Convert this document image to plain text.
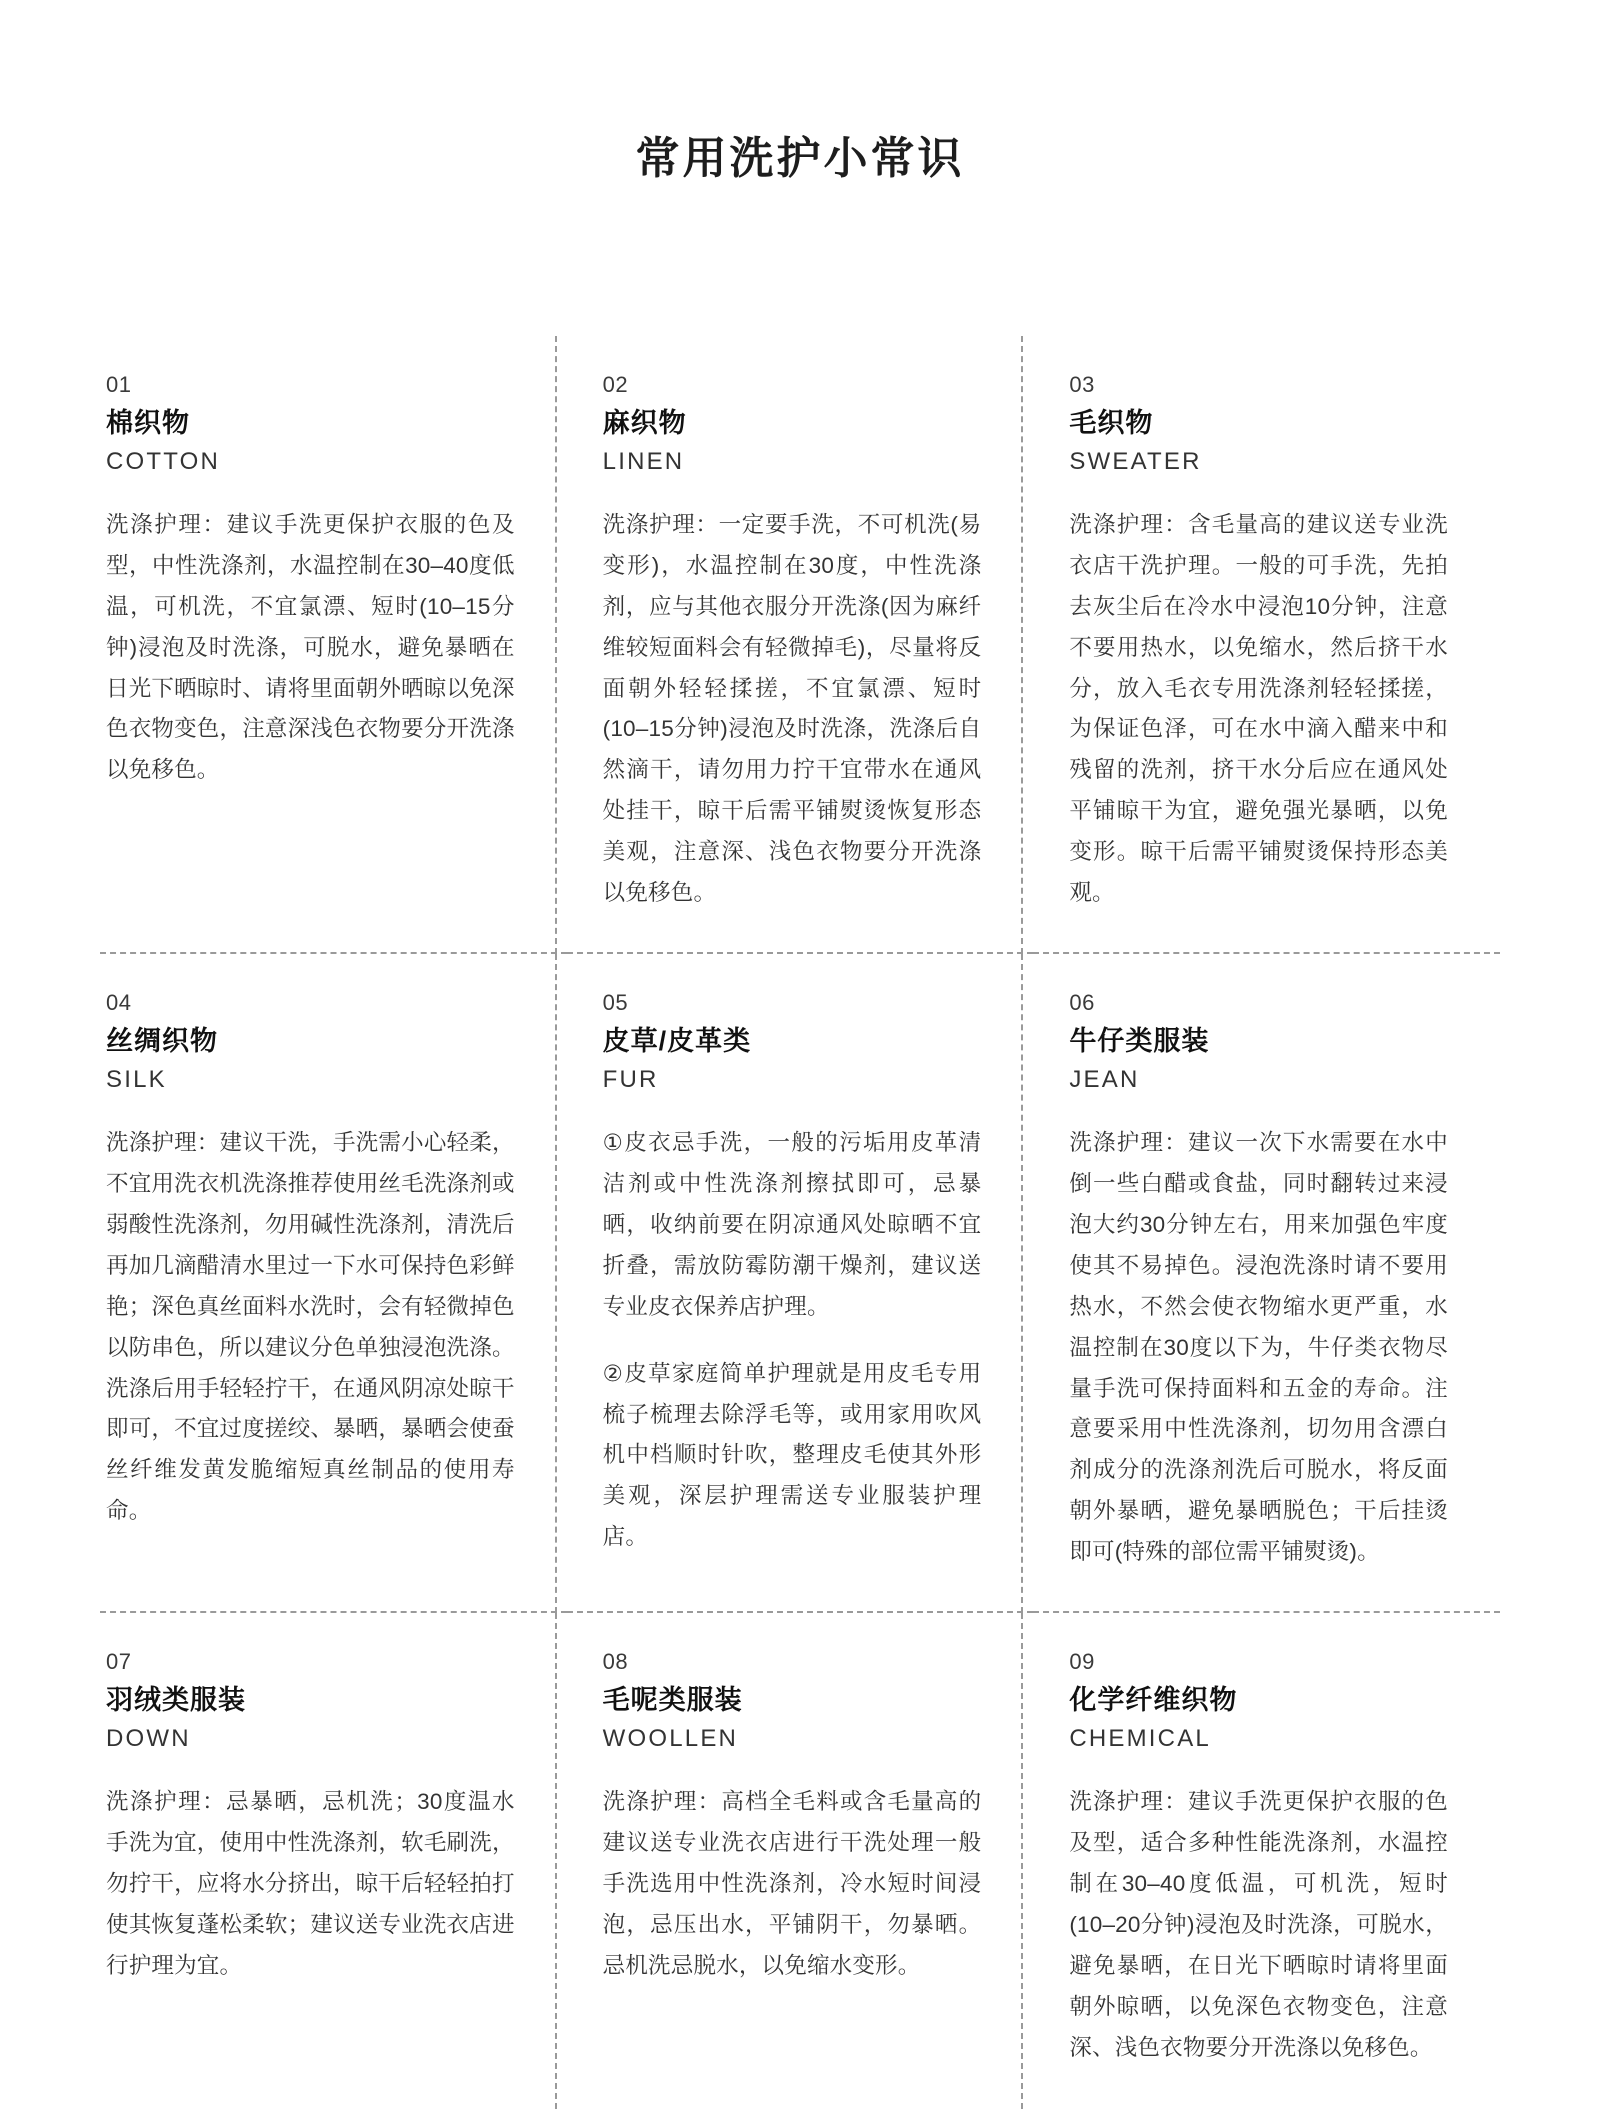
常用洗护小常识
01
棉织物
COTTON
洗涤护理：建议手洗更保护衣服的色及型，中性洗涤剂，水温控制在30–40度低温，可机洗，不宜氯漂、短时(10–15分钟)浸泡及时洗涤，可脱水，避免暴晒在日光下晒晾时、请将里面朝外晒晾以免深色衣物变色，注意深浅色衣物要分开洗涤以免移色。
02
麻织物
LINEN
洗涤护理：一定要手洗，不可机洗(易变形)，水温控制在30度，中性洗涤剂，应与其他衣服分开洗涤(因为麻纤维较短面料会有轻微掉毛)，尽量将反面朝外轻轻揉搓，不宜氯漂、短时(10–15分钟)浸泡及时洗涤，洗涤后自然滴干，请勿用力拧干宜带水在通风处挂干，晾干后需平铺熨烫恢复形态美观，注意深、浅色衣物要分开洗涤以免移色。
03
毛织物
SWEATER
洗涤护理：含毛量高的建议送专业洗衣店干洗护理。一般的可手洗，先拍去灰尘后在冷水中浸泡10分钟，注意不要用热水，以免缩水，然后挤干水分，放入毛衣专用洗涤剂轻轻揉搓，为保证色泽，可在水中滴入醋来中和残留的洗剂，挤干水分后应在通风处平铺晾干为宜，避免强光暴晒，以免变形。晾干后需平铺熨烫保持形态美观。
04
丝绸织物
SILK
洗涤护理：建议干洗，手洗需小心轻柔，不宜用洗衣机洗涤推荐使用丝毛洗涤剂或弱酸性洗涤剂，勿用碱性洗涤剂，清洗后再加几滴醋清水里过一下水可保持色彩鲜艳；深色真丝面料水洗时，会有轻微掉色以防串色，所以建议分色单独浸泡洗涤。洗涤后用手轻轻拧干，在通风阴凉处晾干即可，不宜过度搓绞、暴晒，暴晒会使蚕丝纤维发黄发脆缩短真丝制品的使用寿命。
05
皮草/皮革类
FUR
①皮衣忌手洗，一般的污垢用皮革清洁剂或中性洗涤剂擦拭即可，忌暴晒，收纳前要在阴凉通风处晾晒不宜折叠，需放防霉防潮干燥剂，建议送专业皮衣保养店护理。
②皮草家庭简单护理就是用皮毛专用梳子梳理去除浮毛等，或用家用吹风机中档顺时针吹，整理皮毛使其外形美观，深层护理需送专业服装护理店。
06
牛仔类服装
JEAN
洗涤护理：建议一次下水需要在水中倒一些白醋或食盐，同时翻转过来浸泡大约30分钟左右，用来加强色牢度使其不易掉色。浸泡洗涤时请不要用热水，不然会使衣物缩水更严重，水温控制在30度以下为，牛仔类衣物尽量手洗可保持面料和五金的寿命。注意要采用中性洗涤剂，切勿用含漂白剂成分的洗涤剂洗后可脱水，将反面朝外暴晒，避免暴晒脱色；干后挂烫即可(特殊的部位需平铺熨烫)。
07
羽绒类服装
DOWN
洗涤护理：忌暴晒，忌机洗；30度温水手洗为宜，使用中性洗涤剂，软毛刷洗，勿拧干，应将水分挤出，晾干后轻轻拍打使其恢复蓬松柔软；建议送专业洗衣店进行护理为宜。
08
毛呢类服装
WOOLLEN
洗涤护理：高档全毛料或含毛量高的建议送专业洗衣店进行干洗处理一般手洗选用中性洗涤剂，冷水短时间浸泡，忌压出水，平铺阴干，勿暴晒。忌机洗忌脱水，以免缩水变形。
09
化学纤维织物
CHEMICAL
洗涤护理：建议手洗更保护衣服的色及型，适合多种性能洗涤剂，水温控制在30–40度低温，可机洗，短时(10–20分钟)浸泡及时洗涤，可脱水，避免暴晒，在日光下晒晾时请将里面朝外晾晒，以免深色衣物变色，注意深、浅色衣物要分开洗涤以免移色。
